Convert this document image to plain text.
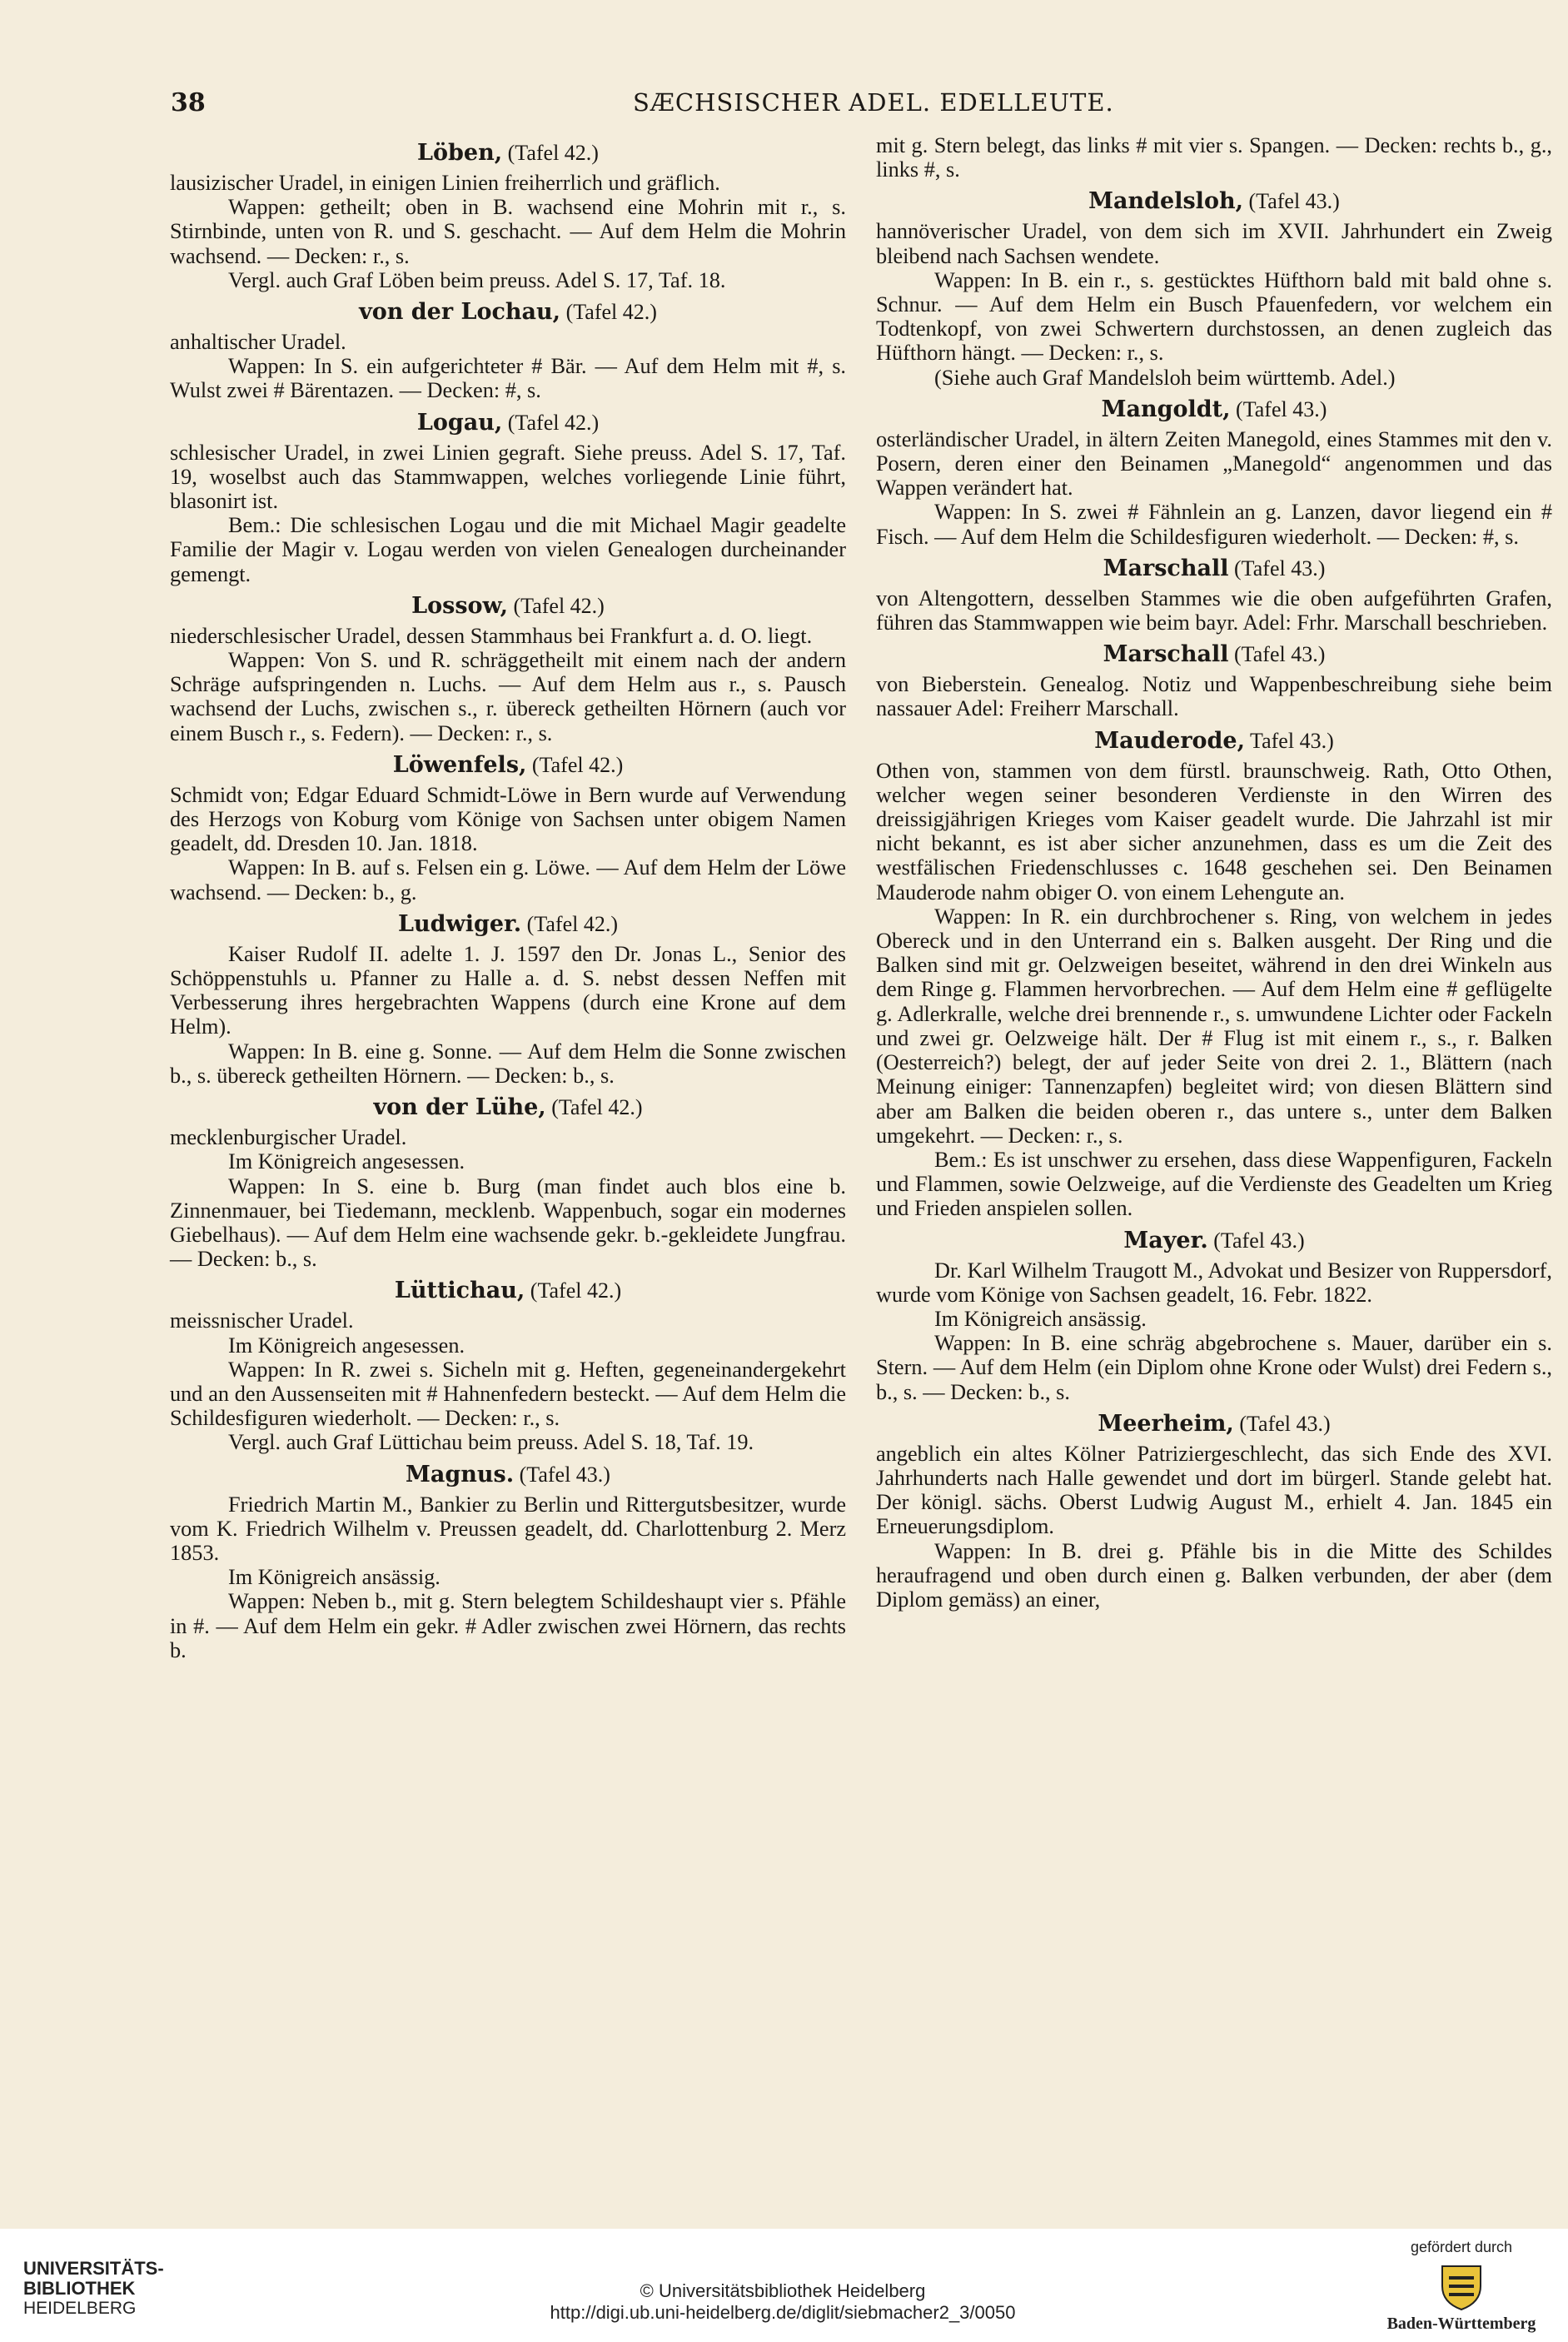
38	SÆCHSISCHER ADEL. EDELLEUTE.
Löben, (Tafel 42.)

lausizischer Uradel, in einigen Linien freiherrlich und gräflich.

Wappen: getheilt; oben in B. wachsend eine Mohrin mit r., s. Stirnbinde, unten von R. und S. geschacht. — Auf dem Helm die Mohrin wachsend. — Decken: r., s.

Vergl. auch Graf Löben beim preuss. Adel S. 17, Taf. 18.

von der Lochau, (Tafel 42.)

anhaltischer Uradel.

Wappen: In S. ein aufgerichteter # Bär. — Auf dem Helm mit #, s. Wulst zwei # Bärentazen. — Decken: #, s.

Logau, (Tafel 42.)

schlesischer Uradel, in zwei Linien gegraft. Siehe preuss. Adel S. 17, Taf. 19, woselbst auch das Stammwappen, welches vorliegende Linie führt, blasonirt ist.

Bem.: Die schlesischen Logau und die mit Michael Magir geadelte Familie der Magir v. Logau werden von vielen Genealogen durcheinander gemengt.

Lossow, (Tafel 42.)

niederschlesischer Uradel, dessen Stammhaus bei Frankfurt a. d. O. liegt.

Wappen: Von S. und R. schräggetheilt mit einem nach der andern Schräge aufspringenden n. Luchs. — Auf dem Helm aus r., s. Pausch wachsend der Luchs, zwischen s., r. übereck getheilten Hörnern (auch vor einem Busch r., s. Federn). — Decken: r., s.

Löwenfels, (Tafel 42.)

Schmidt von; Edgar Eduard Schmidt-Löwe in Bern wurde auf Verwendung des Herzogs von Koburg vom Könige von Sachsen unter obigem Namen geadelt, dd. Dresden 10. Jan. 1818.

Wappen: In B. auf s. Felsen ein g. Löwe. — Auf dem Helm der Löwe wachsend. — Decken: b., g.

Ludwiger. (Tafel 42.)

Kaiser Rudolf II. adelte 1. J. 1597 den Dr. Jonas L., Senior des Schöppenstuhls u. Pfanner zu Halle a. d. S. nebst dessen Neffen mit Verbesserung ihres hergebrachten Wappens (durch eine Krone auf dem Helm).

Wappen: In B. eine g. Sonne. — Auf dem Helm die Sonne zwischen b., s. übereck getheilten Hörnern. — Decken: b., s.

von der Lühe, (Tafel 42.)

mecklenburgischer Uradel.

Im Königreich angesessen.

Wappen: In S. eine b. Burg (man findet auch blos eine b. Zinnenmauer, bei Tiedemann, mecklenb. Wappenbuch, sogar ein modernes Giebelhaus). — Auf dem Helm eine wachsende gekr. b.-gekleidete Jungfrau. — Decken: b., s.

Lüttichau, (Tafel 42.)

meissnischer Uradel.

Im Königreich angesessen.

Wappen: In R. zwei s. Sicheln mit g. Heften, gegeneinandergekehrt und an den Aussenseiten mit # Hahnenfedern besteckt. — Auf dem Helm die Schildesfiguren wiederholt. — Decken: r., s.

Vergl. auch Graf Lüttichau beim preuss. Adel S. 18, Taf. 19.

Magnus. (Tafel 43.)

Friedrich Martin M., Bankier zu Berlin und Rittergutsbesitzer, wurde vom K. Friedrich Wilhelm v. Preussen geadelt, dd. Charlottenburg 2. Merz 1853.

Im Königreich ansässig.

Wappen: Neben b., mit g. Stern belegtem Schildeshaupt vier s. Pfähle in #. — Auf dem Helm ein gekr. # Adler zwischen zwei Hörnern, das rechts b.

mit g. Stern belegt, das links # mit vier s. Spangen. — Decken: rechts b., g., links #, s.

Mandelsloh, (Tafel 43.)

hannöverischer Uradel, von dem sich im XVII. Jahrhundert ein Zweig bleibend nach Sachsen wendete.

Wappen: In B. ein r., s. gestücktes Hüfthorn bald mit bald ohne s. Schnur. — Auf dem Helm ein Busch Pfauenfedern, vor welchem ein Todtenkopf, von zwei Schwertern durchstossen, an denen zugleich das Hüfthorn hängt. — Decken: r., s.

(Siehe auch Graf Mandelsloh beim württemb. Adel.)

Mangoldt, (Tafel 43.)

osterländischer Uradel, in ältern Zeiten Manegold, eines Stammes mit den v. Posern, deren einer den Beinamen „Manegold“ angenommen und das Wappen verändert hat.

Wappen: In S. zwei # Fähnlein an g. Lanzen, davor liegend ein # Fisch. — Auf dem Helm die Schildesfiguren wiederholt. — Decken: #, s.

Marschall (Tafel 43.)

von Altengottern, desselben Stammes wie die oben aufgeführten Grafen, führen das Stammwappen wie beim bayr. Adel: Frhr. Marschall beschrieben.

Marschall (Tafel 43.)

von Bieberstein. Genealog. Notiz und Wappenbeschreibung siehe beim nassauer Adel: Freiherr Marschall.

Mauderode, Tafel 43.)

Othen von, stammen von dem fürstl. braunschweig. Rath, Otto Othen, welcher wegen seiner besonderen Verdienste in den Wirren des dreissigjährigen Krieges vom Kaiser geadelt wurde. Die Jahrzahl ist mir nicht bekannt, es ist aber sicher anzunehmen, dass es um die Zeit des westfälischen Friedenschlusses c. 1648 geschehen sei. Den Beinamen Mauderode nahm obiger O. von einem Lehengute an.

Wappen: In R. ein durchbrochener s. Ring, von welchem in jedes Obereck und in den Unterrand ein s. Balken ausgeht. Der Ring und die Balken sind mit gr. Oelzweigen beseitet, während in den drei Winkeln aus dem Ringe g. Flammen hervorbrechen. — Auf dem Helm eine # geflügelte g. Adlerkralle, welche drei brennende r., s. umwundene Lichter oder Fackeln und zwei gr. Oelzweige hält. Der # Flug ist mit einem r., s., r. Balken (Oesterreich?) belegt, der auf jeder Seite von drei 2. 1., Blättern (nach Meinung einiger: Tannenzapfen) begleitet wird; von diesen Blättern sind aber am Balken die beiden oberen r., das untere s., unter dem Balken umgekehrt. — Decken: r., s.

Bem.: Es ist unschwer zu ersehen, dass diese Wappenfiguren, Fackeln und Flammen, sowie Oelzweige, auf die Verdienste des Geadelten um Krieg und Frieden anspielen sollen.

Mayer. (Tafel 43.)

Dr. Karl Wilhelm Traugott M., Advokat und Besizer von Ruppersdorf, wurde vom Könige von Sachsen geadelt, 16. Febr. 1822.

Im Königreich ansässig.

Wappen: In B. eine schräg abgebrochene s. Mauer, darüber ein s. Stern. — Auf dem Helm (ein Diplom ohne Krone oder Wulst) drei Federn s., b., s. — Decken: b., s.

Meerheim, (Tafel 43.)

angeblich ein altes Kölner Patriziergeschlecht, das sich Ende des XVI. Jahrhunderts nach Halle gewendet und dort im bürgerl. Stande gelebt hat. Der königl. sächs. Oberst Ludwig August M., erhielt 4. Jan. 1845 ein Erneuerungsdiplom.

Wappen: In B. drei g. Pfähle bis in die Mitte des Schildes heraufragend und oben durch einen g. Balken verbunden, der aber (dem Diplom gemäss) an einer,

UNIVERSITÄTS-
BIBLIOTHEK
HEIDELBERG
© Universitätsbibliothek Heidelberg
http://digi.ub.uni-heidelberg.de/diglit/siebmacher2_3/0050
gefördert durch
Baden-Württemberg
